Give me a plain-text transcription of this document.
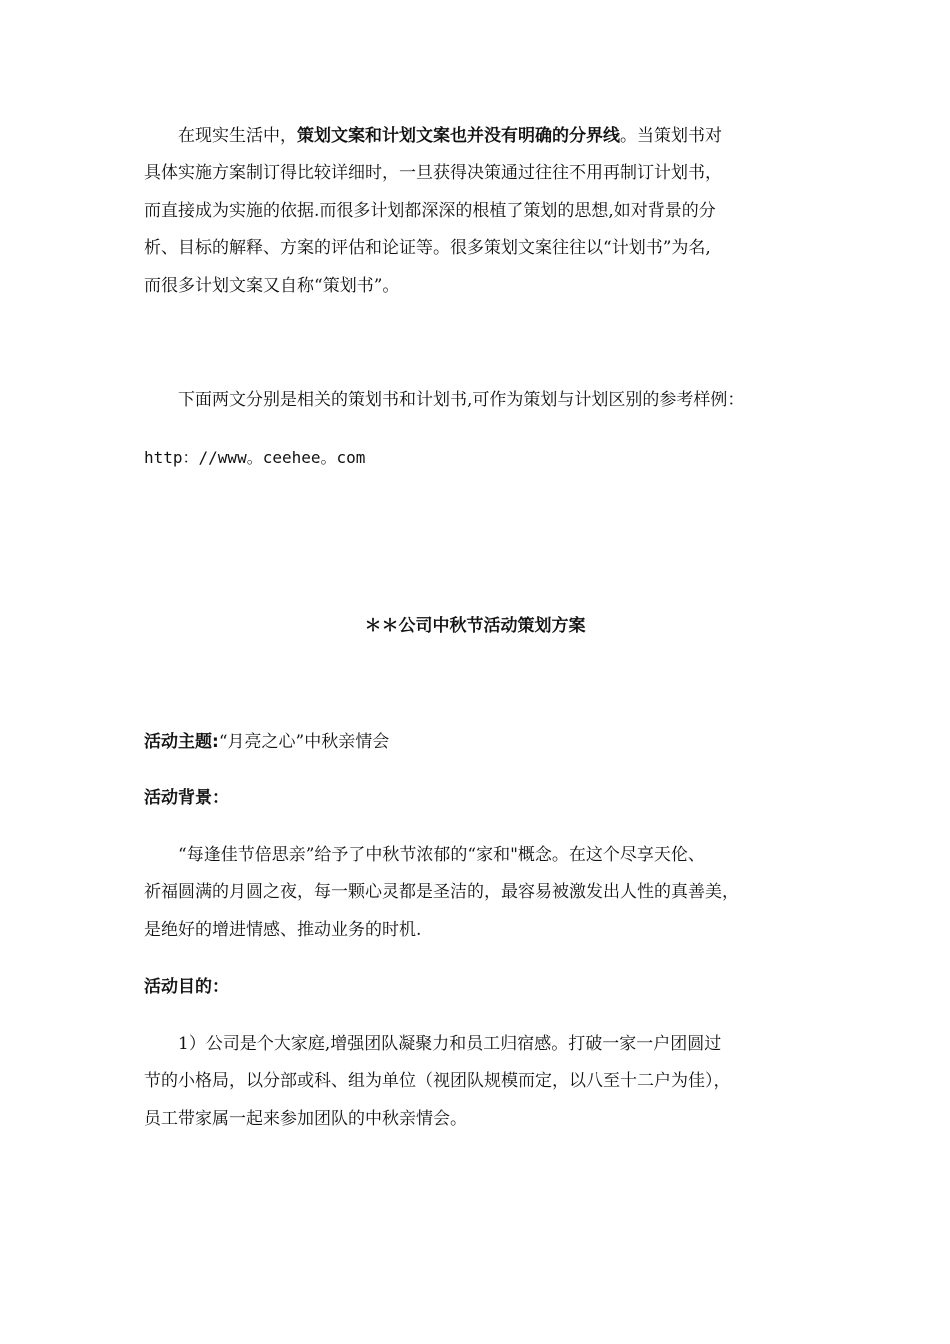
在现实生活中，策划文案和计划文案也并没有明确的分界线。当策划书对
具体实施方案制订得比较详细时，一旦获得决策通过往往不用再制订计划书，
而直接成为实施的依据.而很多计划都深深的根植了策划的思想,如对背景的分
析、目标的解释、方案的评估和论证等。很多策划文案往往以“计划书”为名,
而很多计划文案又自称“策划书”。
下面两文分别是相关的策划书和计划书,可作为策划与计划区别的参考样例：
http：//www。ceehee。com
＊＊公司中秋节活动策划方案
活动主题:“月亮之心”中秋亲情会
活动背景：
“每逢佳节倍思亲”给予了中秋节浓郁的“家和"概念。在这个尽享天伦、
祈福圆满的月圆之夜，每一颗心灵都是圣洁的，最容易被激发出人性的真善美，
是绝好的增进情感、推动业务的时机.
活动目的：
1）公司是个大家庭,增强团队凝聚力和员工归宿感。打破一家一户团圆过
节的小格局，以分部或科、组为单位（视团队规模而定，以八至十二户为佳），
员工带家属一起来参加团队的中秋亲情会。
